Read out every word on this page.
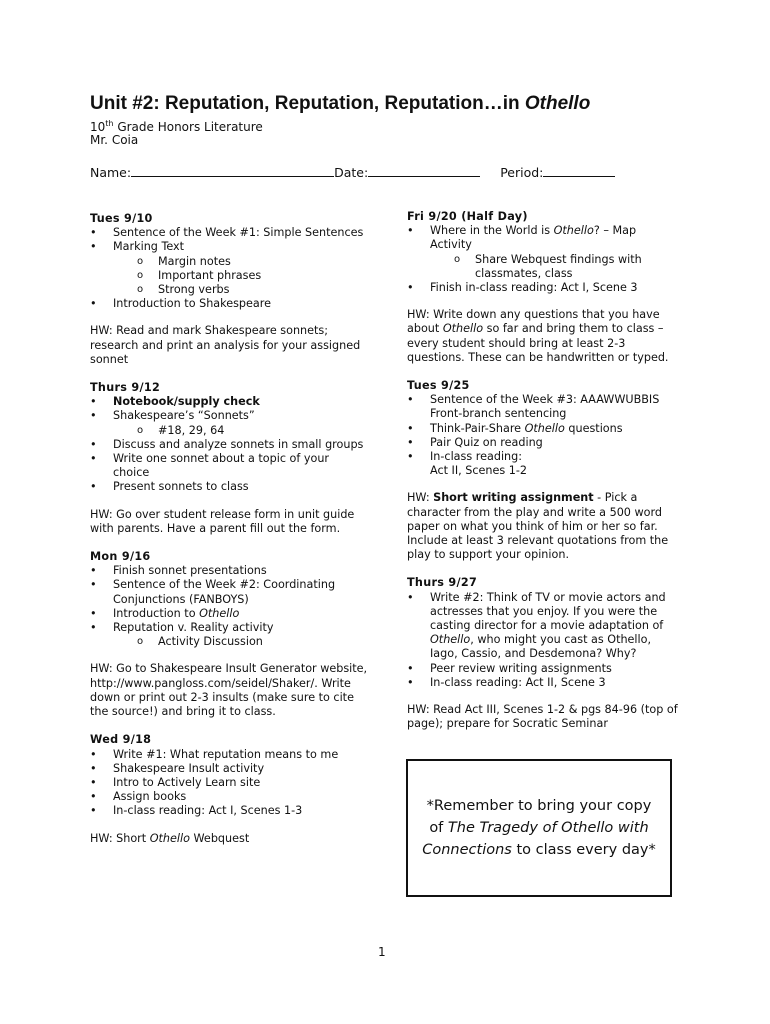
Unit #2: Reputation, Reputation, Reputation…in Othello
10th Grade Honors Literature
Mr. Coia
Name:	Date:	Period:
Tues 9/10
• Sentence of the Week #1: Simple Sentences
• Marking Text
o Margin notes
o Important phrases
o Strong verbs
• Introduction to Shakespeare
HW: Read and mark Shakespeare sonnets; research and print an analysis for your assigned sonnet
Thurs 9/12
• Notebook/supply check
• Shakespeare’s “Sonnets”
o #18, 29, 64
• Discuss and analyze sonnets in small groups
• Write one sonnet about a topic of your choice
• Present sonnets to class
HW: Go over student release form in unit guide with parents. Have a parent fill out the form.
Mon 9/16
• Finish sonnet presentations
• Sentence of the Week #2: Coordinating Conjunctions (FANBOYS)
• Introduction to Othello
• Reputation v. Reality activity
o Activity Discussion
HW: Go to Shakespeare Insult Generator website, http://www.pangloss.com/seidel/Shaker/. Write down or print out 2-3 insults (make sure to cite the source!) and bring it to class.
Wed 9/18
• Write #1: What reputation means to me
• Shakespeare Insult activity
• Intro to Actively Learn site
• Assign books
• In-class reading: Act I, Scenes 1-3
HW: Short Othello Webquest
Fri 9/20 (Half Day)
• Where in the World is Othello? – Map Activity
o Share Webquest findings with classmates, class
• Finish in-class reading: Act I, Scene 3
HW: Write down any questions that you have about Othello so far and bring them to class – every student should bring at least 2-3 questions. These can be handwritten or typed.
Tues 9/25
• Sentence of the Week #3: AAAWWUBBIS Front-branch sentencing
• Think-Pair-Share Othello questions
• Pair Quiz on reading
• In-class reading: Act II, Scenes 1-2
HW: Short writing assignment - Pick a character from the play and write a 500 word paper on what you think of him or her so far. Include at least 3 relevant quotations from the play to support your opinion.
Thurs 9/27
• Write #2: Think of TV or movie actors and actresses that you enjoy. If you were the casting director for a movie adaptation of Othello, who might you cast as Othello, Iago, Cassio, and Desdemona? Why?
• Peer review writing assignments
• In-class reading: Act II, Scene 3
HW: Read Act III, Scenes 1-2 & pgs 84-96 (top of page); prepare for Socratic Seminar
*Remember to bring your copy of The Tragedy of Othello with Connections to class every day*
1
